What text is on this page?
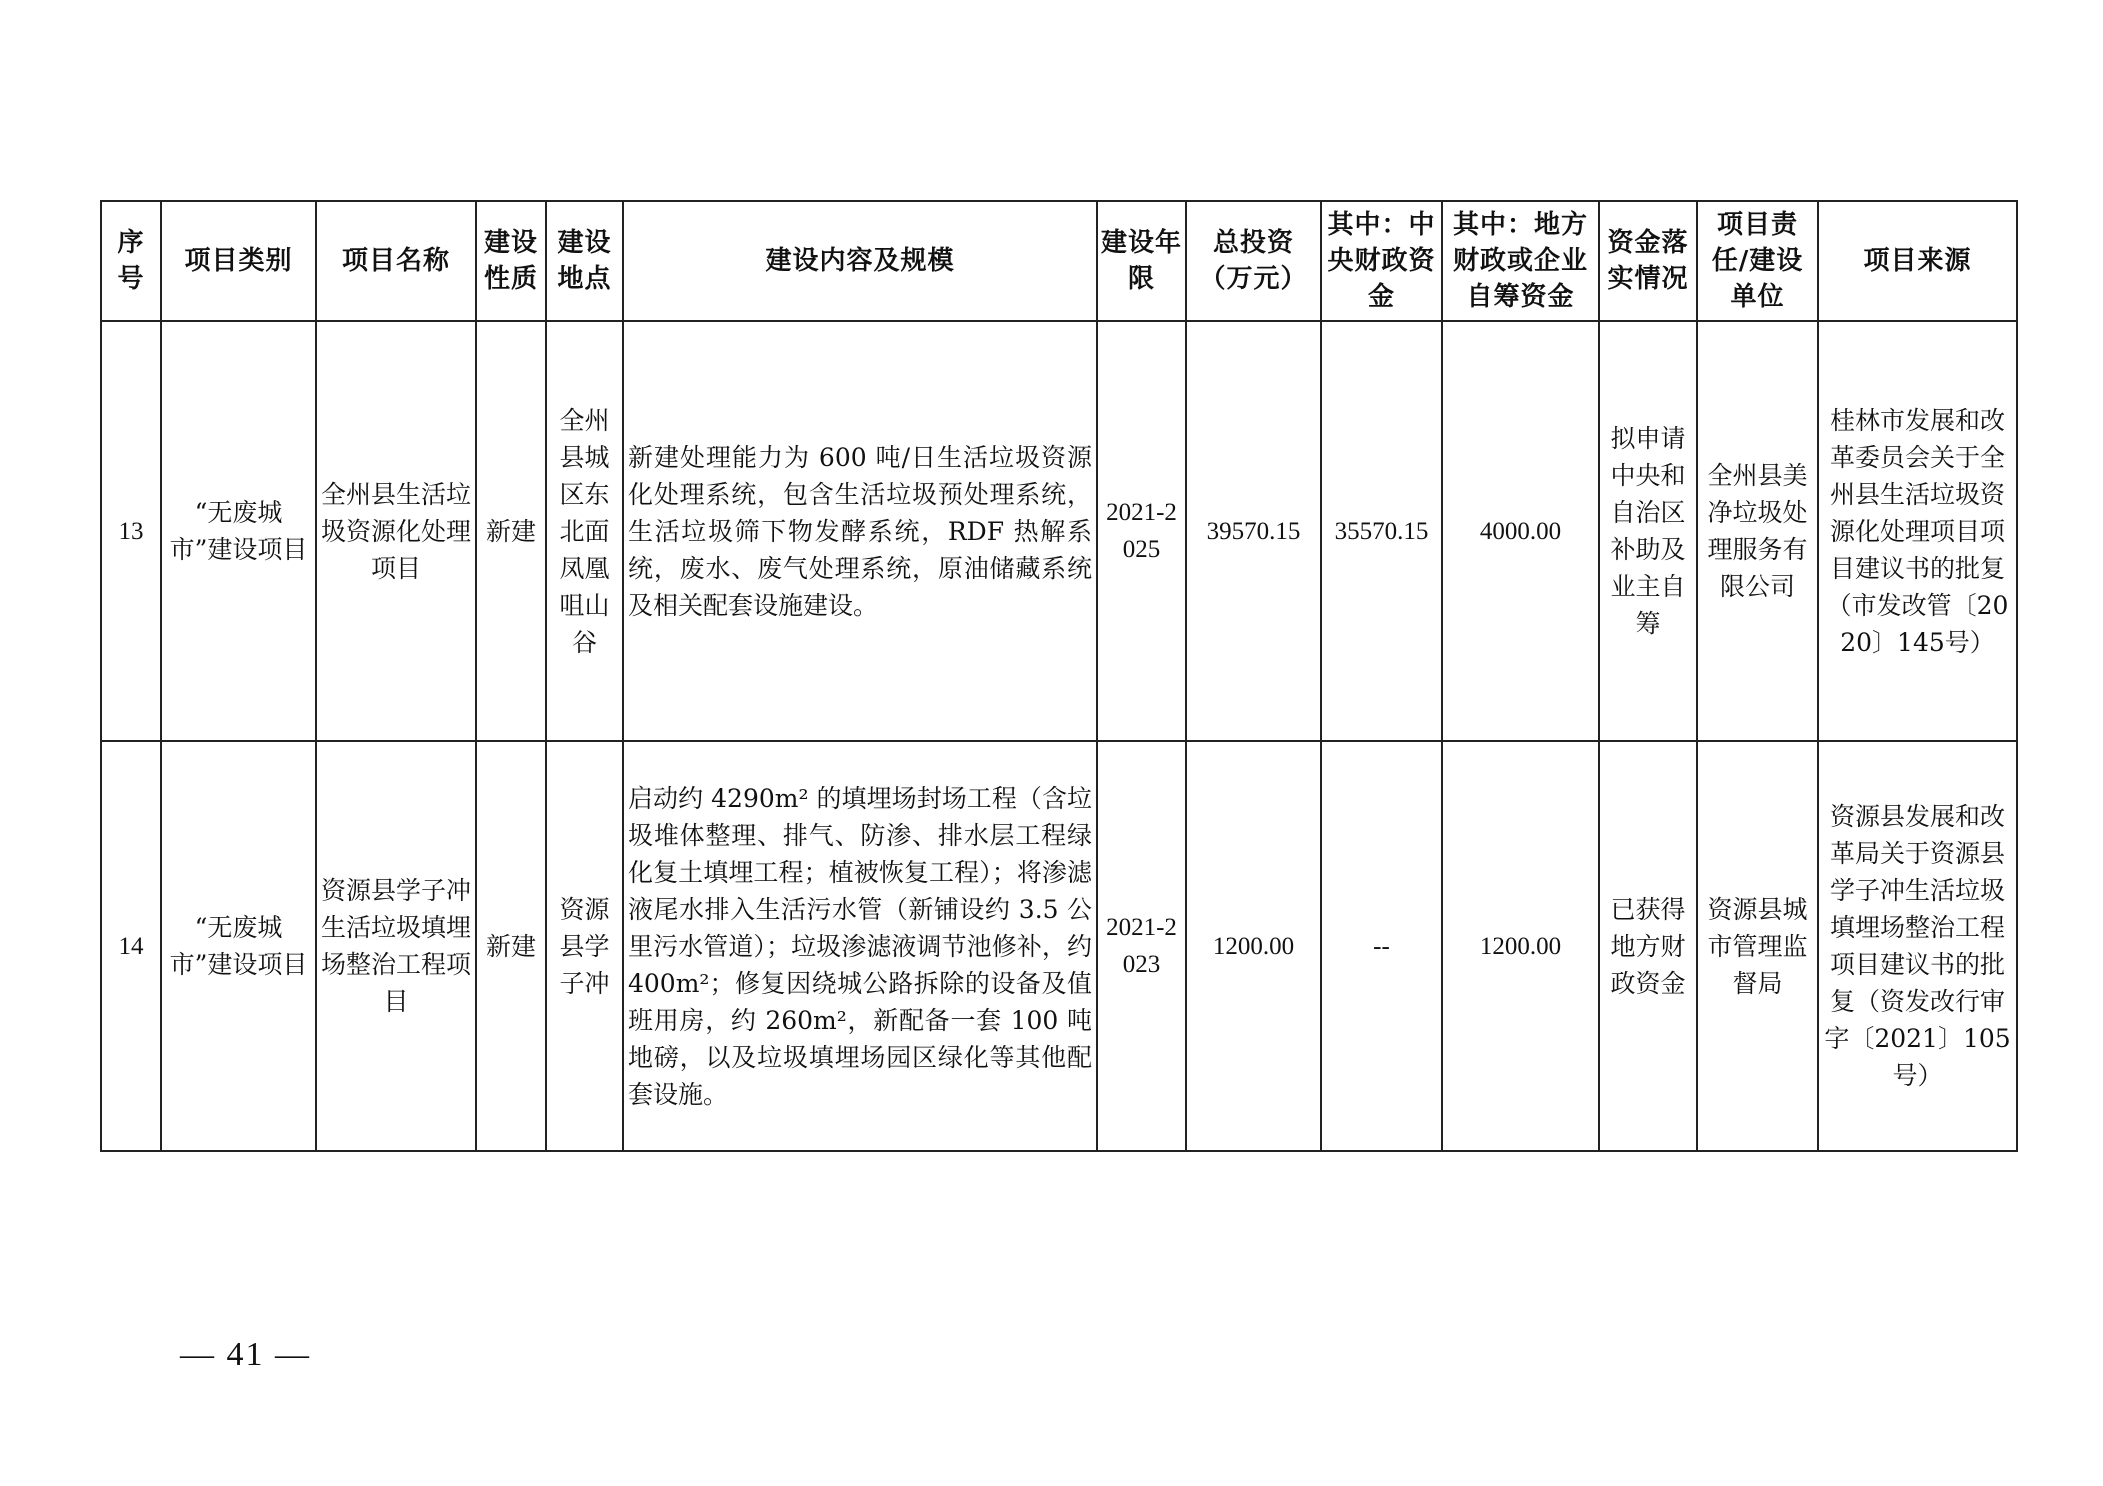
序号	项目类别	项目名称	建设性质	建设地点	建设内容及规模	建设年限	总投资（万元）	其中：中央财政资金	其中：地方财政或企业自筹资金	资金落实情况	项目责任/建设单位	项目来源
13	“无废城市”建设项目	全州县生活垃圾资源化处理项目	新建	全州县城区东北面凤凰咀山谷	新建处理能力为 600 吨/日生活垃圾资源化处理系统，包含生活垃圾预处理系统，生活垃圾筛下物发酵系统，RDF 热解系统，废水、废气处理系统，原油储藏系统及相关配套设施建设。	2021-2025	39570.15	35570.15	4000.00	拟申请中央和自治区补助及业主自筹	全州县美净垃圾处理服务有限公司	桂林市发展和改革委员会关于全州县生活垃圾资源化处理项目项目建议书的批复（市发改管〔2020〕145号）
14	“无废城市”建设项目	资源县学子冲生活垃圾填埋场整治工程项目	新建	资源县学子冲	启动约 4290m² 的填埋场封场工程（含垃圾堆体整理、排气、防渗、排水层工程绿化复土填埋工程；植被恢复工程）；将渗滤液尾水排入生活污水管（新铺设约 3.5 公里污水管道）；垃圾渗滤液调节池修补，约 400m²；修复因绕城公路拆除的设备及值班用房，约 260m²，新配备一套 100 吨地磅，以及垃圾填埋场园区绿化等其他配套设施。	2021-2023	1200.00	--	1200.00	已获得地方财政资金	资源县城市管理监督局	资源县发展和改革局关于资源县学子冲生活垃圾填埋场整治工程项目建议书的批复（资发改行审字〔2021〕105号）
— 41 —
